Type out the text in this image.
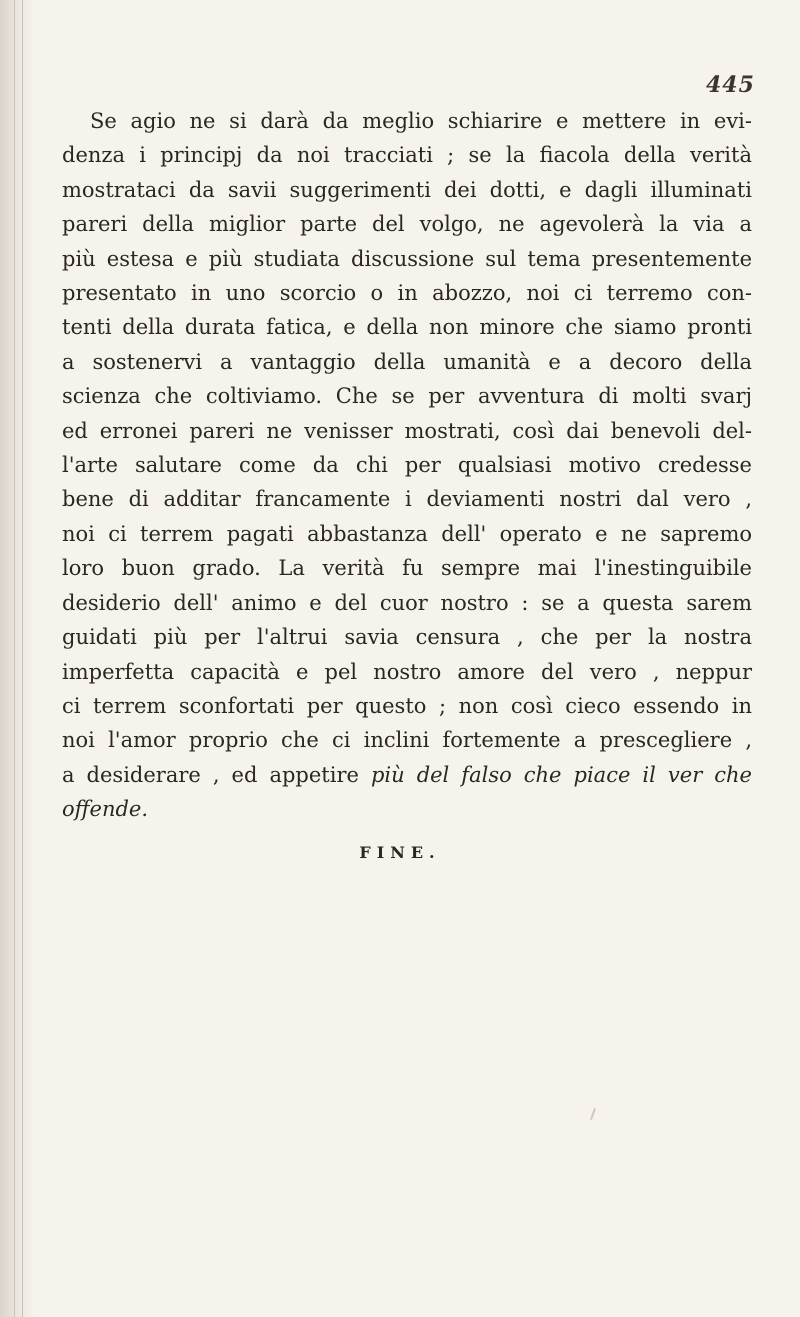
445
Se agio ne si darà da meglio schiarire e mettere in evi-
denza i principj da noi tracciati ; se la fiacola della verità
mostrataci da savii suggerimenti dei dotti, e dagli illuminati
pareri della miglior parte del volgo, ne agevolerà la via a
più estesa e più studiata discussione sul tema presentemente
presentato in uno scorcio o in abozzo, noi ci terremo con-
tenti della durata fatica, e della non minore che siamo pronti
a sostenervi a vantaggio della umanità e a decoro della
scienza che coltiviamo. Che se per avventura di molti svarj
ed erronei pareri ne venisser mostrati, così dai benevoli del-
l'arte salutare come da chi per qualsiasi motivo credesse
bene di additar francamente i deviamenti nostri dal vero ,
noi ci terrem pagati abbastanza dell' operato e ne sapremo
loro buon grado. La verità fu sempre mai l'inestinguibile
desiderio dell' animo e del cuor nostro : se a questa sarem
guidati più per l'altrui savia censura , che per la nostra
imperfetta capacità e pel nostro amore del vero , neppur
ci terrem sconfortati per questo ; non così cieco essendo in
noi l'amor proprio che ci inclini fortemente a prescegliere ,
a desiderare , ed appetire più del falso che piace il ver che
offende.
FINE.
